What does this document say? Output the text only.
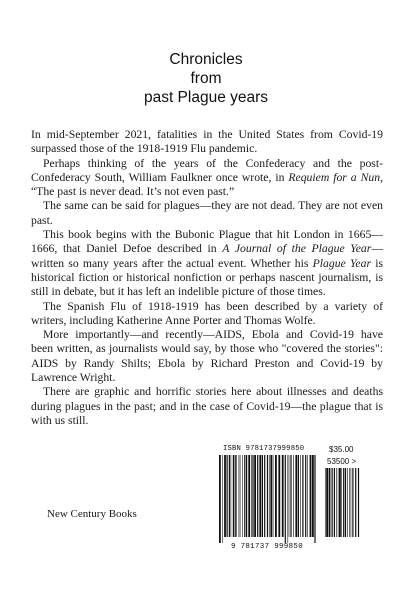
Chronicles
from
past Plague years

In mid-September 2021, fatalities in the United States from Covid-19 surpassed those of the 1918-1919 Flu pandemic.

Perhaps thinking of the years of the Confederacy and the post-Confederacy South, William Faulkner once wrote, in Requiem for a Nun, “The past is never dead. It’s not even past.”

The same can be said for plagues—they are not dead. They are not even past.

This book begins with the Bubonic Plague that hit London in 1665—1666, that Daniel Defoe described in A Journal of the Plague Year—written so many years after the actual event. Whether his Plague Year is historical fiction or historical nonfiction or perhaps nascent journalism, is still in debate, but it has left an indelible picture of those times.

The Spanish Flu of 1918-1919 has been described by a variety of writers, including Katherine Anne Porter and Thomas Wolfe.

More importantly—and recently—AIDS, Ebola and Covid-19 have been written, as journalists would say, by those who "covered the stories": AIDS by Randy Shilts; Ebola by Richard Preston and Covid-19 by Lawrence Wright.

There are graphic and horrific stories here about illnesses and deaths during plagues in the past; and in the case of Covid-19—the plague that is with us still.

New Century Books
ISBN 9781737999850	$35.00
53500 >
9 781737 999850
